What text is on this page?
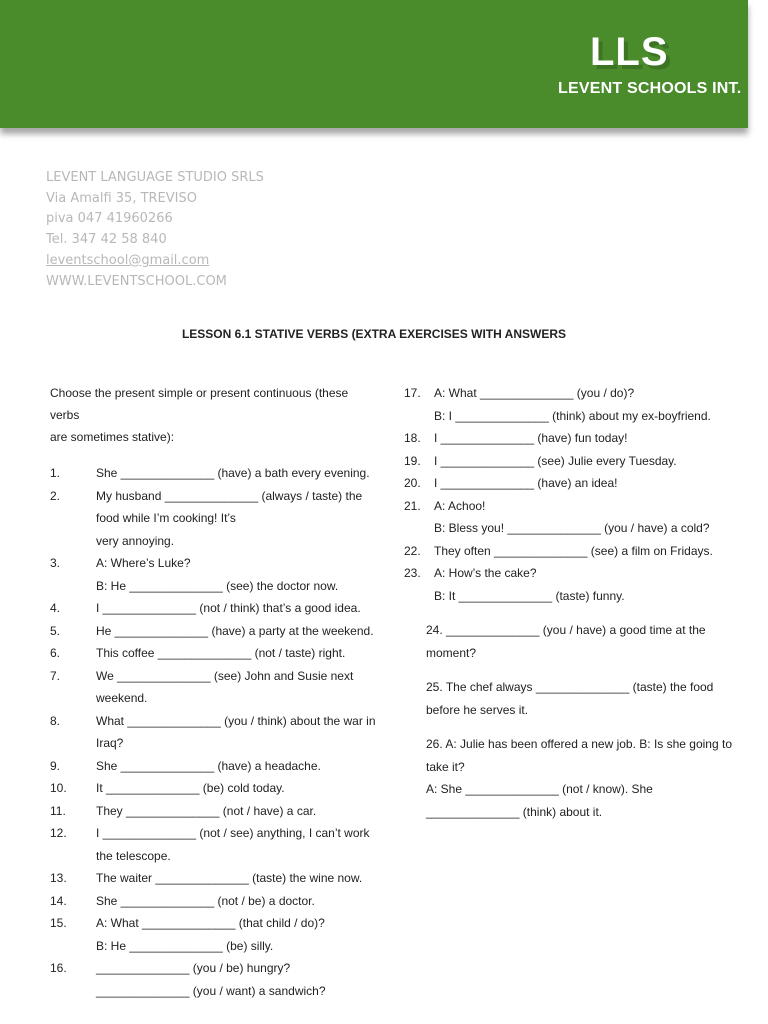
LLS
LEVENT SCHOOLS INT.
LEVENT LANGUAGE STUDIO SRLS
Via Amalfi 35, TREVISO
piva 047 41960266
Tel. 347 42 58 840
leventschool@gmail.com
WWW.LEVENTSCHOOL.COM
LESSON 6.1 STATIVE VERBS (EXTRA EXERCISES WITH ANSWERS
Choose the present simple or present continuous (these verbs
are sometimes stative):
1.	She ______________ (have) a bath every evening.
2.	My husband ______________ (always / taste) the
food while I’m cooking! It’s
very annoying.
3.	A: Where’s Luke?
B: He ______________ (see) the doctor now.
4.	I ______________ (not / think) that’s a good idea.
5.	He ______________ (have) a party at the weekend.
6.	This coffee ______________ (not / taste) right.
7.	We ______________ (see) John and Susie next
weekend.
8.	What ______________ (you / think) about the war in
Iraq?
9.	She ______________ (have) a headache.
10.	It ______________ (be) cold today.
11.	They ______________ (not / have) a car.
12.	I ______________ (not / see) anything, I can’t work
the telescope.
13.	The waiter ______________ (taste) the wine now.
14.	She ______________ (not / be) a doctor.
15.	A: What ______________ (that child / do)?
B: He ______________ (be) silly.
16.	______________ (you / be) hungry?
______________ (you / want) a sandwich?
17.	A: What ______________ (you / do)?
B: I ______________ (think) about my ex-boyfriend.
18.	I ______________ (have) fun today!
19.	I ______________ (see) Julie every Tuesday.
20.	I ______________ (have) an idea!
21.	A: Achoo!
B: Bless you! ______________ (you / have) a cold?
22.	They often ______________ (see) a film on Fridays.
23.	A: How’s the cake?
B: It ______________ (taste) funny.
24. ______________ (you / have) a good time at the
moment?
25. The chef always ______________ (taste) the food
before he serves it.
26. A: Julie has been offered a new job. B: Is she going to
take it?
A: She ______________ (not / know). She
______________ (think) about it.
